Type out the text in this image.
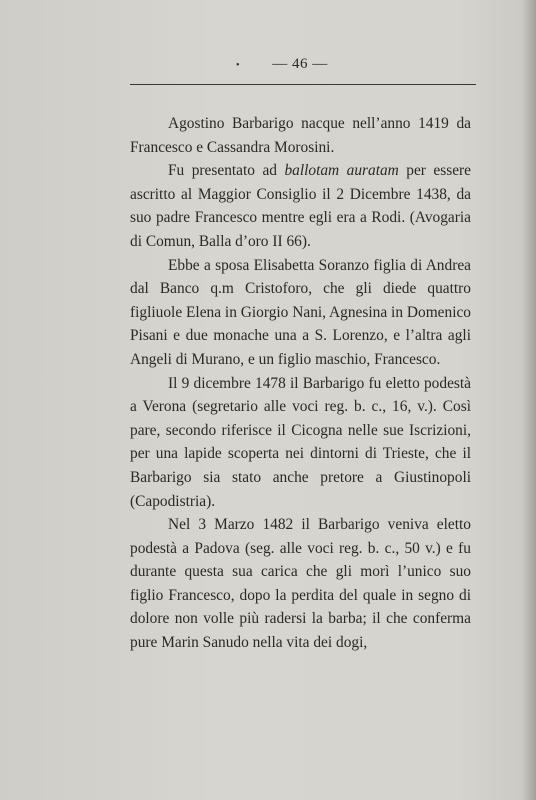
•	— 46 —

Agostino Barbarigo nacque nell’anno 1419 da Francesco e Cassandra Morosini.

Fu presentato ad ballotam auratam per essere ascritto al Maggior Consiglio il 2 Dicembre 1438, da suo padre Francesco mentre egli era a Rodi. (Avogaria di Comun, Balla d’oro II 66).

Ebbe a sposa Elisabetta Soranzo figlia di Andrea dal Banco q.m Cristoforo, che gli diede quattro figliuole Elena in Giorgio Nani, Agnesina in Domenico Pisani e due monache una a S. Lorenzo, e l’altra agli Angeli di Murano, e un figlio maschio, Francesco.

Il 9 dicembre 1478 il Barbarigo fu eletto podestà a Verona (segretario alle voci reg. b. c., 16, v.). Così pare, secondo riferisce il Cicogna nelle sue Iscrizioni, per una lapide scoperta nei dintorni di Trieste, che il Barbarigo sia stato anche pretore a Giustinopoli (Capodistria).

Nel 3 Marzo 1482 il Barbarigo veniva eletto podestà a Padova (seg. alle voci reg. b. c., 50 v.) e fu durante questa sua carica che gli morì l’unico suo figlio Francesco, dopo la perdita del quale in segno di dolore non volle più radersi la barba; il che conferma pure Marin Sanudo nella vita dei dogi,
